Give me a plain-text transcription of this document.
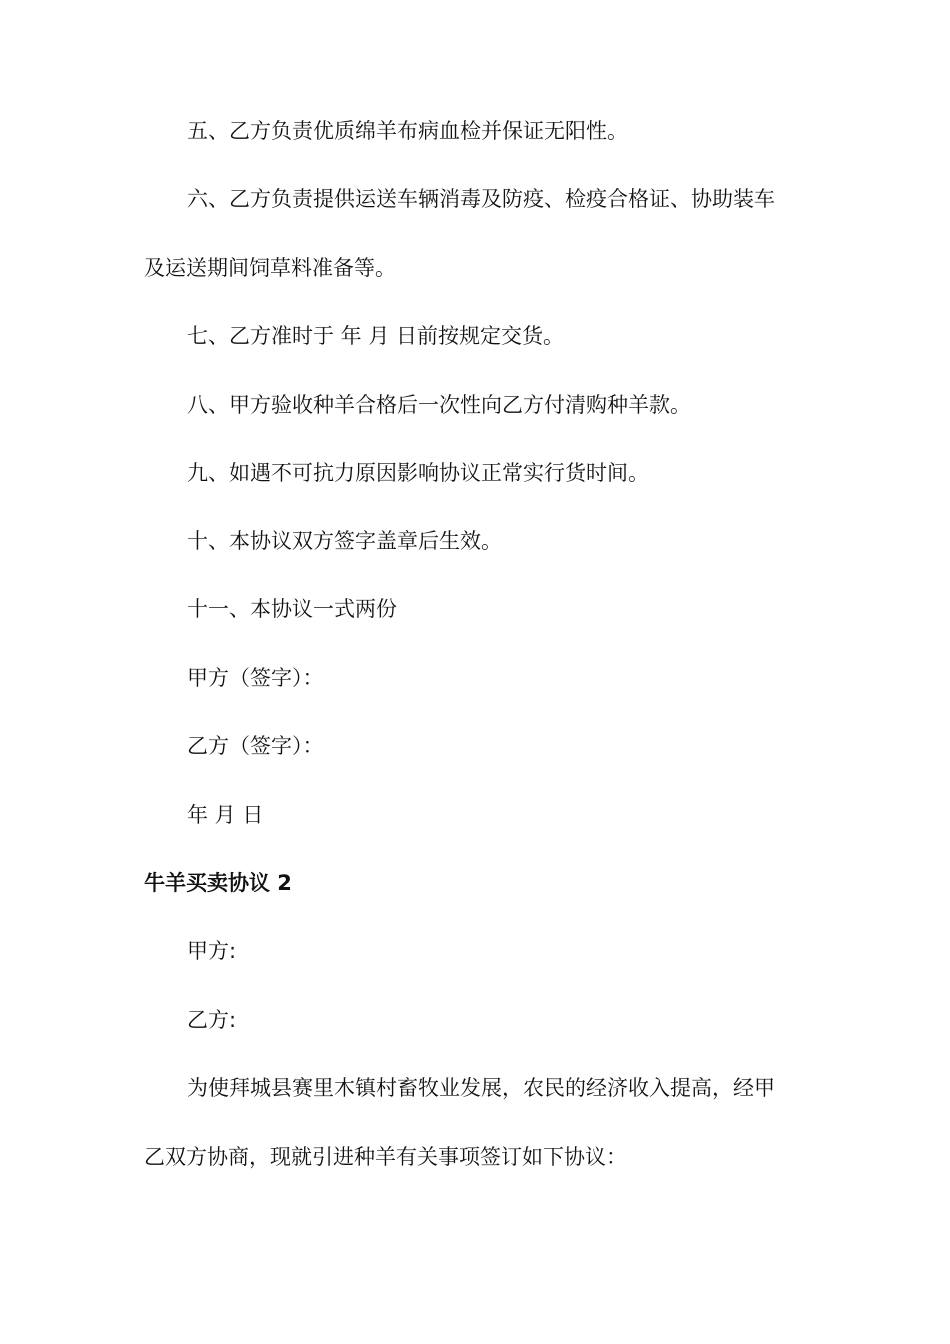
五、乙方负责优质绵羊布病血检并保证无阳性。
六、乙方负责提供运送车辆消毒及防疫、检疫合格证、协助装车
及运送期间饲草料准备等。
七、乙方准时于 年 月 日前按规定交货。
八、甲方验收种羊合格后一次性向乙方付清购种羊款。
九、如遇不可抗力原因影响协议正常实行货时间。
十、本协议双方签字盖章后生效。
十一、本协议一式两份
甲方（签字）：
乙方（签字）：
年 月 日
牛羊买卖协议 2
甲方:
乙方:
为使拜城县赛里木镇村畜牧业发展，农民的经济收入提高，经甲
乙双方协商，现就引进种羊有关事项签订如下协议：
